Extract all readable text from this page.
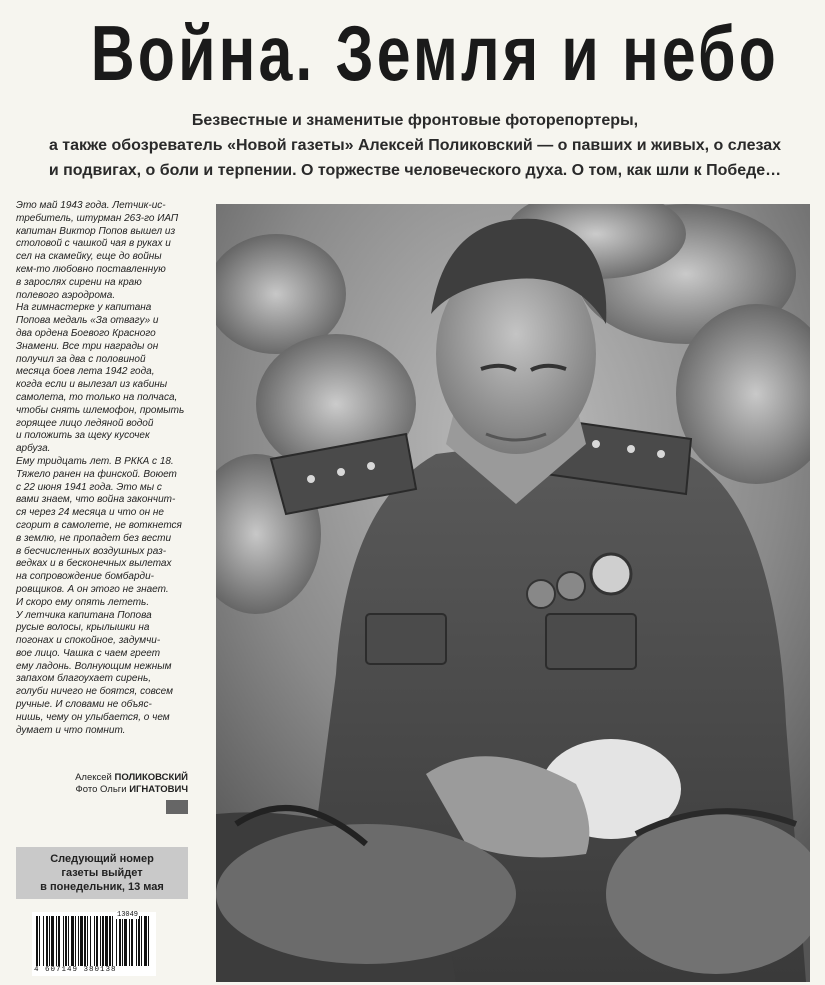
Война. Земля и небо
Безвестные и знаменитые фронтовые фоторепортеры,
а также обозреватель «Новой газеты» Алексей Поликовский — о павших и живых, о слезах
и подвигах, о боли и терпении. О торжестве человеческого духа. О том, как шли к Победе…

Это май 1943 года. Летчик-ис-

требитель, штурман 263-го ИАП

капитан Виктор Попов вышел из

столовой с чашкой чая в руках и

сел на скамейку, еще до войны

кем-то любовно поставленную

в зарослях сирени на краю

полевого аэродрома.

На гимнастерке у капитана

Попова медаль «За отвагу» и

два ордена Боевого Красного

Знамени. Все три награды он

получил за два с половиной

месяца боев лета 1942 года,

когда если и вылезал из кабины

самолета, то только на полчаса,

чтобы снять шлемофон, промыть

горящее лицо ледяной водой

и положить за щеку кусочек

арбуза.

Ему тридцать лет. В РККА с 18.

Тяжело ранен на финской. Воюет

с 22 июня 1941 года. Это мы с

вами знаем, что война закончит-

ся через 24 месяца и что он не

сгорит в самолете, не воткнется

в землю, не пропадет без вести

в бесчисленных воздушных раз-

ведках и в бесконечных вылетах

на сопровождение бомбарди-

ровщиков. А он этого не знает.

И скоро ему опять лететь.

У летчика капитана Попова

русые волосы, крылышки на

погонах и спокойное, задумчи-

вое лицо. Чашка с чаем греет

ему ладонь. Волнующим нежным

запахом благоухает сирень,

голуби ничего не боятся, совсем

ручные. И словами не объяс-

нишь, чему он улыбается, о чем

думает и что помнит.

Алексей ПОЛИКОВСКИЙ
Фото Ольги ИГНАТОВИЧ
Следующий номер
газеты выйдет
в понедельник, 13 мая
13049
4 607149 380138
